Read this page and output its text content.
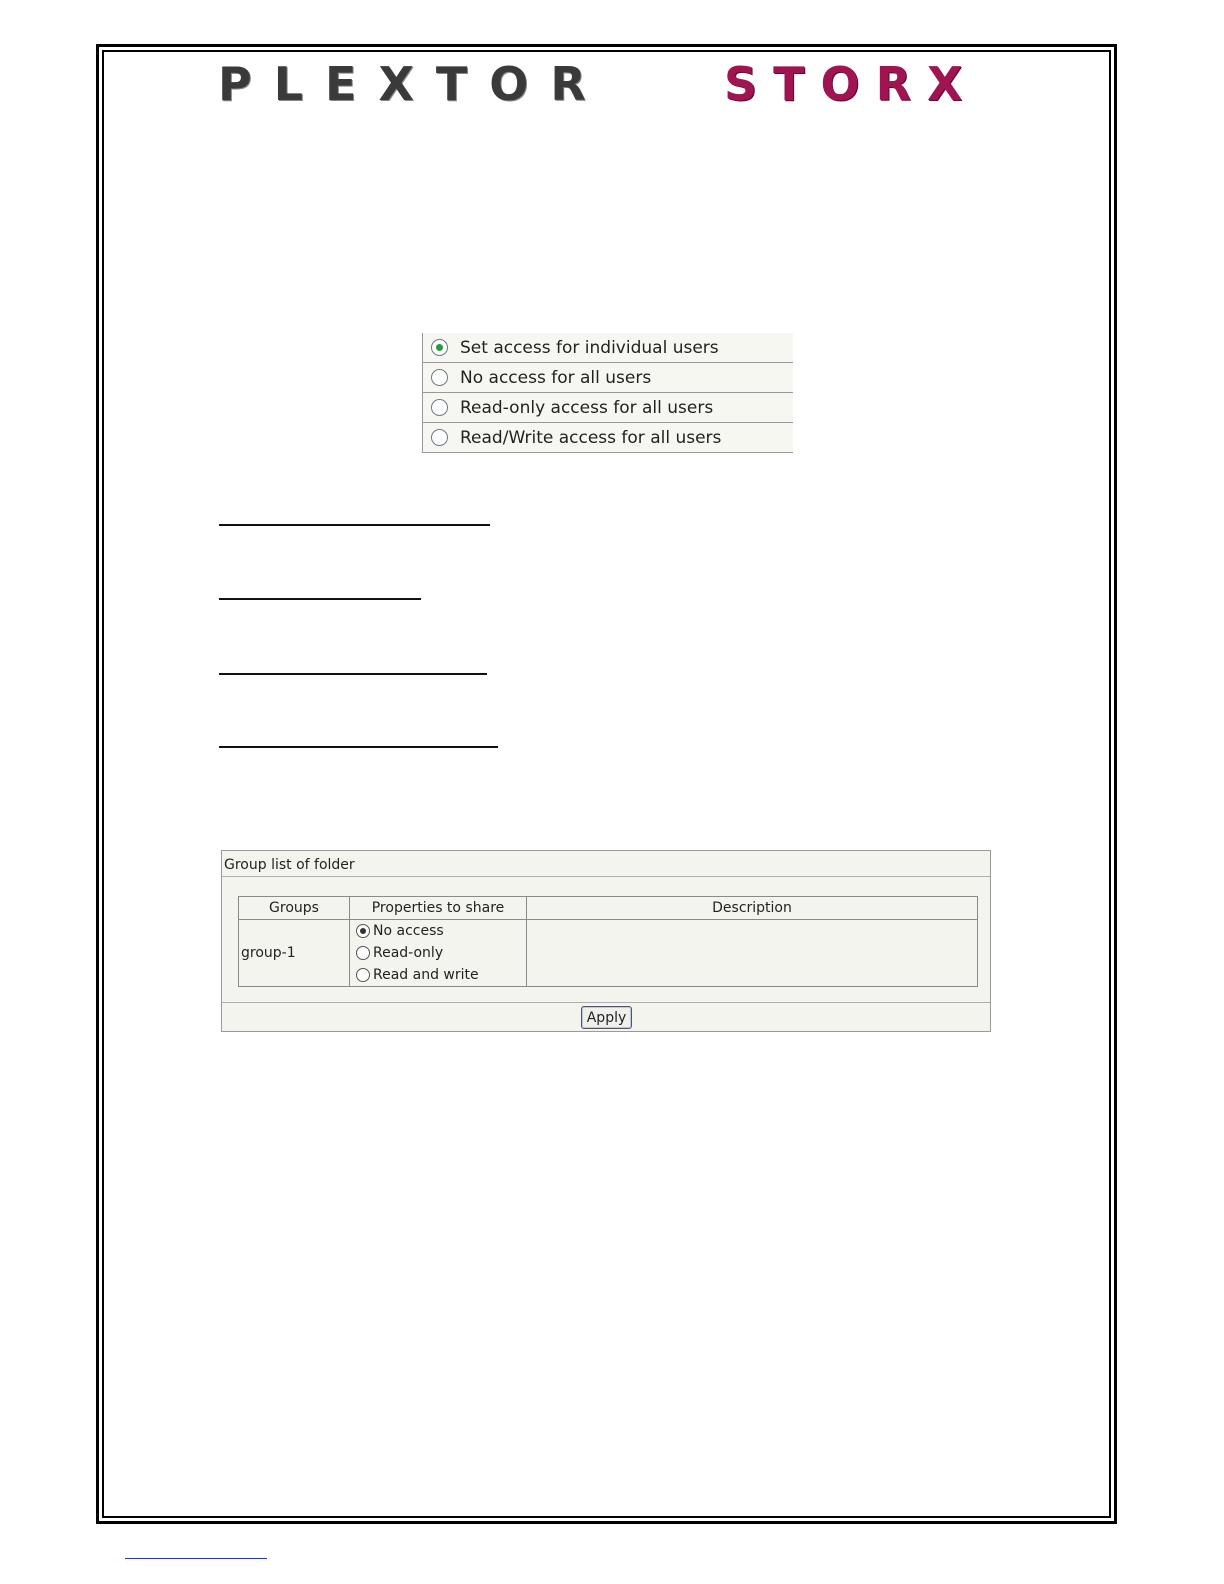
PLEXTOR	STORX
Set access for individual users
No access for all users
Read-only access for all users
Read/Write access for all users
Group list of folder
Groups	Properties to share	Description
group-1	No access
Read-only
Read and write	

Apply
